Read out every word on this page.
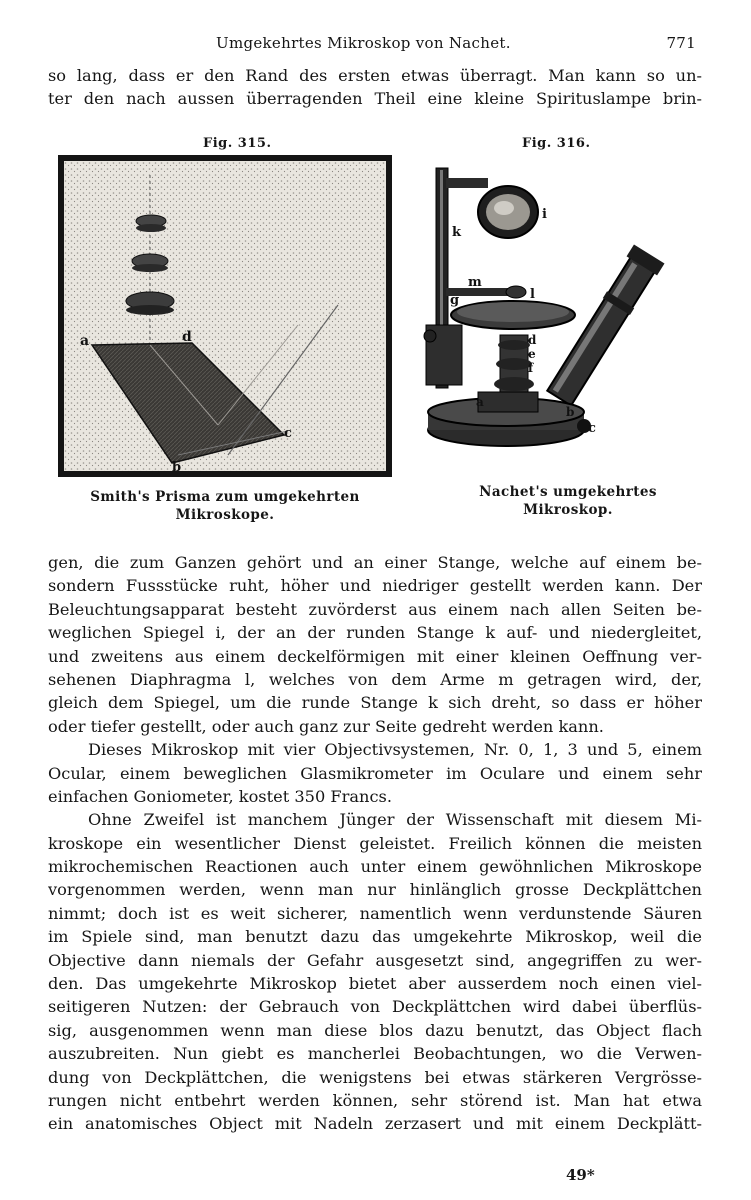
Umgekehrtes Mikroskop von Nachet.	771
so lang, dass er den Rand des ersten etwas überragt. Man kann so un-
ter den nach aussen überragenden Theil eine kleine Spirituslampe brin-
Fig. 315.
a	d
b
c
Smith's Prisma zum umgekehrten
Mikroskope.
Fig. 316.
k
i
m
l
g
d
e
f
a
b
c
Nachet's umgekehrtes
Mikroskop.
gen, die zum Ganzen gehört und an einer Stange, welche auf einem be-
sondern Fussstücke ruht, höher und niedriger gestellt werden kann. Der
Beleuchtungsapparat besteht zuvörderst aus einem nach allen Seiten be-
weglichen Spiegel i, der an der runden Stange k auf- und niedergleitet,
und zweitens aus einem deckelförmigen mit einer kleinen Oeffnung ver-
sehenen Diaphragma l, welches von dem Arme m getragen wird, der,
gleich dem Spiegel, um die runde Stange k sich dreht, so dass er höher
oder tiefer gestellt, oder auch ganz zur Seite gedreht werden kann.
Dieses Mikroskop mit vier Objectivsystemen, Nr. 0, 1, 3 und 5, einem
Ocular, einem beweglichen Glasmikrometer im Oculare und einem sehr
einfachen Goniometer, kostet 350 Francs.
Ohne Zweifel ist manchem Jünger der Wissenschaft mit diesem Mi-
kroskope ein wesentlicher Dienst geleistet. Freilich können die meisten
mikrochemischen Reactionen auch unter einem gewöhnlichen Mikroskope
vorgenommen werden, wenn man nur hinlänglich grosse Deckplättchen
nimmt; doch ist es weit sicherer, namentlich wenn verdunstende Säuren
im Spiele sind, man benutzt dazu das umgekehrte Mikroskop, weil die
Objective dann niemals der Gefahr ausgesetzt sind, angegriffen zu wer-
den. Das umgekehrte Mikroskop bietet aber ausserdem noch einen viel-
seitigeren Nutzen: der Gebrauch von Deckplättchen wird dabei überflüs-
sig, ausgenommen wenn man diese blos dazu benutzt, das Object flach
auszubreiten. Nun giebt es mancherlei Beobachtungen, wo die Verwen-
dung von Deckplättchen, die wenigstens bei etwas stärkeren Vergrösse-
rungen nicht entbehrt werden können, sehr störend ist. Man hat etwa
ein anatomisches Object mit Nadeln zerzasert und mit einem Deckplätt-
49*
